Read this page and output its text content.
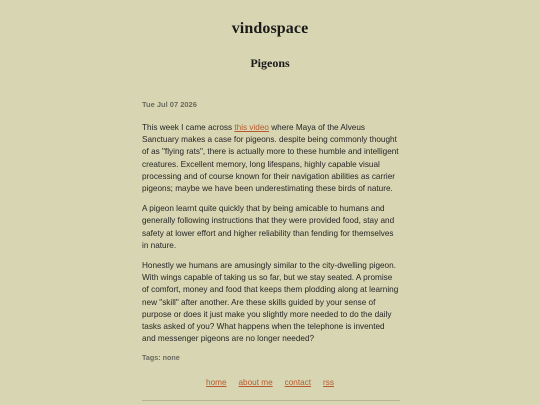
vindospace
Pigeons
Tue Jul 07 2026

This week I came across this video where Maya of the Alveus Sanctuary makes a case for pigeons. despite being commonly thought of as "flying rats", there is actually more to these humble and intelligent creatures. Excellent memory, long lifespans, highly capable visual processing and of course known for their navigation abilities as carrier pigeons; maybe we have been underestimating these birds of nature.

A pigeon learnt quite quickly that by being amicable to humans and generally following instructions that they were provided food, stay and safety at lower effort and higher reliability than fending for themselves in nature.

Honestly we humans are amusingly similar to the city-dwelling pigeon. With wings capable of taking us so far, but we stay seated. A promise of comfort, money and food that keeps them plodding along at learning new "skill" after another. Are these skills guided by your sense of purpose or does it just make you slightly more needed to do the daily tasks asked of you? What happens when the telephone is invented and messenger pigeons are no longer needed?

Tags: none
home about me contact rss
